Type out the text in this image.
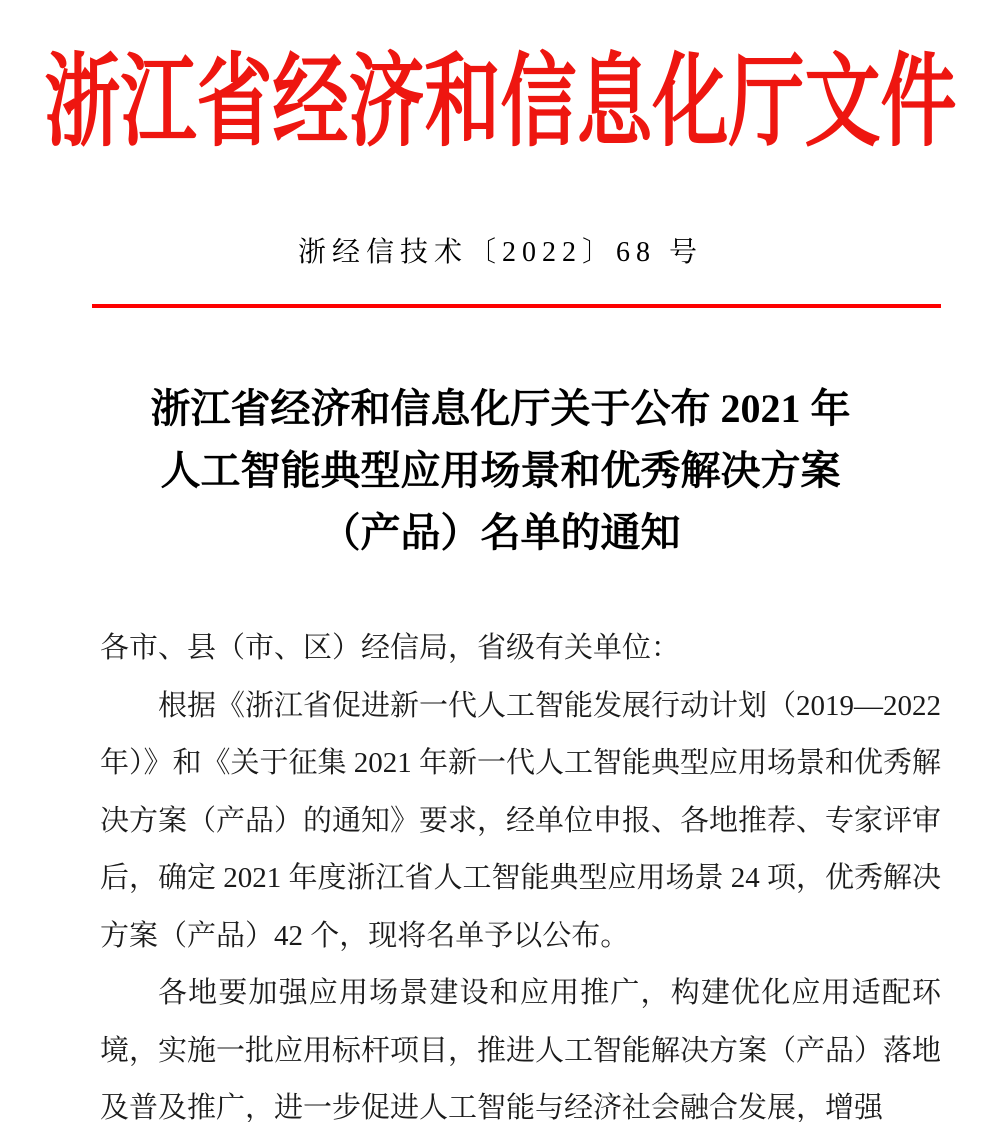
浙江省经济和信息化厅文件
浙经信技术〔2022〕68 号
浙江省经济和信息化厅关于公布 2021 年
人工智能典型应用场景和优秀解决方案
（产品）名单的通知

各市、县（市、区）经信局，省级有关单位：

根据《浙江省促进新一代人工智能发展行动计划（2019—2022 年）》和《关于征集 2021 年新一代人工智能典型应用场景和优秀解决方案（产品）的通知》要求，经单位申报、各地推荐、专家评审后，确定 2021 年度浙江省人工智能典型应用场景 24 项，优秀解决方案（产品）42 个，现将名单予以公布。

各地要加强应用场景建设和应用推广，构建优化应用适配环境，实施一批应用标杆项目，推进人工智能解决方案（产品）落地及普及推广，进一步促进人工智能与经济社会融合发展，增强
